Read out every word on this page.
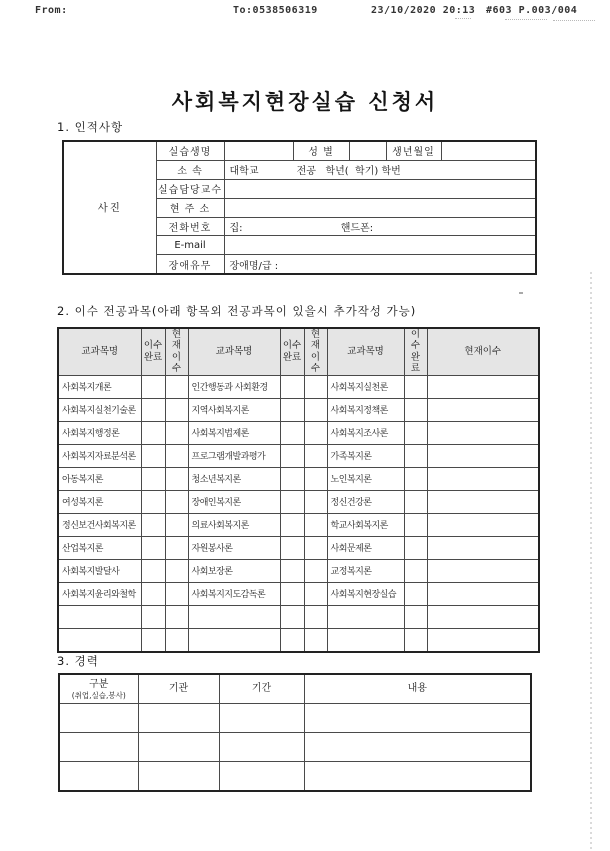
From:	To:0538506319	23/10/2020 20:13 #603 P.003/004
사회복지현장실습 신청서
1. 인적사항
사진	실습생명		성 별		생년월일	
	소 속	대학교            전공   학년(  학기) 학번				
	실습담당교수					
	현 주 소					
	전화번호	집: 핸드폰:				
	E-mail					
	장애유무	장애명/급 :				
2. 이수 전공과목(아래 항목외 전공과목이 있을시 추가작성 가능)
교과목명	이수완료	현재이수	교과목명	이수완료	현재이수	교과목명	이수완료	현재이수
사회복지개론			인간행동과 사회환경			사회복지실천론		
사회복지실천기술론			지역사회복지론			사회복지정책론		
사회복지행정론			사회복지법제론			사회복지조사론		
사회복지자료분석론			프로그램개발과평가			가족복지론		
아동복지론			청소년복지론			노인복지론		
여성복지론			장애인복지론			정신건강론		
정신보건사회복지론			의료사회복지론			학교사회복지론		
산업복지론			자원봉사론			사회문제론		
사회복지발달사			사회보장론			교정복지론		
사회복지윤리와철학			사회복지지도감독론			사회복지현장실습		

3. 경력
구분
(취업,실습,봉사)	기관	기간	내용
